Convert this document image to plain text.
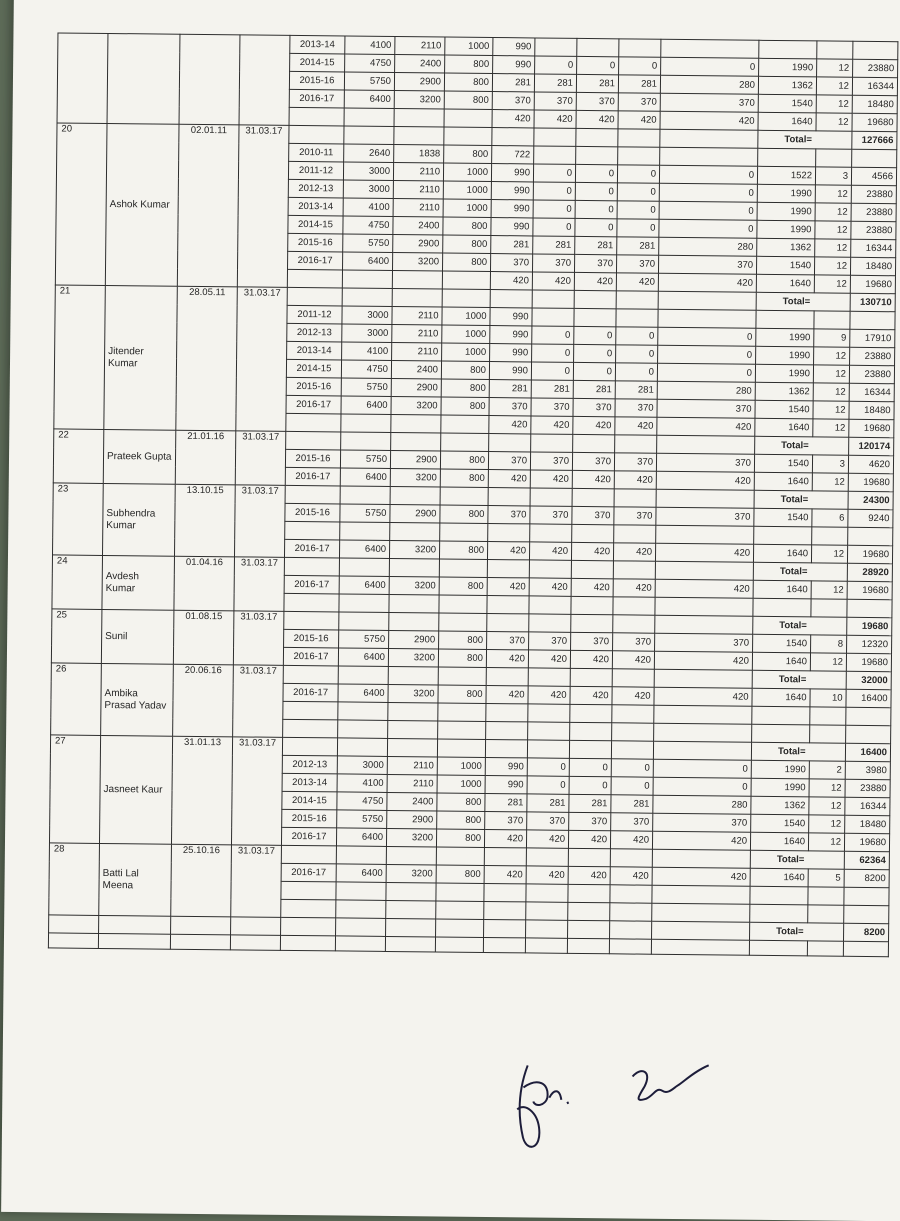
				2013-14	4100	2110	1000	990							
				2014-15	4750	2400	800	990	0	0	0	0	1990	12	23880
				2015-16	5750	2900	800	281	281	281	281	280	1362	12	16344
				2016-17	6400	3200	800	370	370	370	370	370	1540	12	18480
								420	420	420	420	420	1640	12	19680
20	Ashok Kumar	02.01.11	31.03.17										Total=		127666
				2010-11	2640	1838	800	722							
				2011-12	3000	2110	1000	990	0	0	0	0	1522	3	4566
				2012-13	3000	2110	1000	990	0	0	0	0	1990	12	23880
				2013-14	4100	2110	1000	990	0	0	0	0	1990	12	23880
				2014-15	4750	2400	800	990	0	0	0	0	1990	12	23880
				2015-16	5750	2900	800	281	281	281	281	280	1362	12	16344
				2016-17	6400	3200	800	370	370	370	370	370	1540	12	18480
								420	420	420	420	420	1640	12	19680
21	Jitender Kumar	28.05.11	31.03.17										Total=		130710
				2011-12	3000	2110	1000	990							
				2012-13	3000	2110	1000	990	0	0	0	0	1990	9	17910
				2013-14	4100	2110	1000	990	0	0	0	0	1990	12	23880
				2014-15	4750	2400	800	990	0	0	0	0	1990	12	23880
				2015-16	5750	2900	800	281	281	281	281	280	1362	12	16344
				2016-17	6400	3200	800	370	370	370	370	370	1540	12	18480
								420	420	420	420	420	1640	12	19680
22	Prateek Gupta	21.01.16	31.03.17										Total=		120174
				2015-16	5750	2900	800	370	370	370	370	370	1540	3	4620
				2016-17	6400	3200	800	420	420	420	420	420	1640	12	19680
23	Subhendra Kumar	13.10.15	31.03.17										Total=		24300
				2015-16	5750	2900	800	370	370	370	370	370	1540	6	9240

				2016-17	6400	3200	800	420	420	420	420	420	1640	12	19680
24	Avdesh Kumar	01.04.16	31.03.17										Total=		28920
				2016-17	6400	3200	800	420	420	420	420	420	1640	12	19680

25	Sunil	01.08.15	31.03.17										Total=		19680
				2015-16	5750	2900	800	370	370	370	370	370	1540	8	12320
				2016-17	6400	3200	800	420	420	420	420	420	1640	12	19680
26	Ambika Prasad Yadav	20.06.16	31.03.17										Total=		32000
				2016-17	6400	3200	800	420	420	420	420	420	1640	10	16400

27	Jasneet Kaur	31.01.13	31.03.17										Total=		16400
				2012-13	3000	2110	1000	990	0	0	0	0	1990	2	3980
				2013-14	4100	2110	1000	990	0	0	0	0	1990	12	23880
				2014-15	4750	2400	800	281	281	281	281	280	1362	12	16344
				2015-16	5750	2900	800	370	370	370	370	370	1540	12	18480
				2016-17	6400	3200	800	420	420	420	420	420	1640	12	19680
28	Batti Lal Meena	25.10.16	31.03.17										Total=		62364
				2016-17	6400	3200	800	420	420	420	420	420	1640	5	8200

													Total=		8200
